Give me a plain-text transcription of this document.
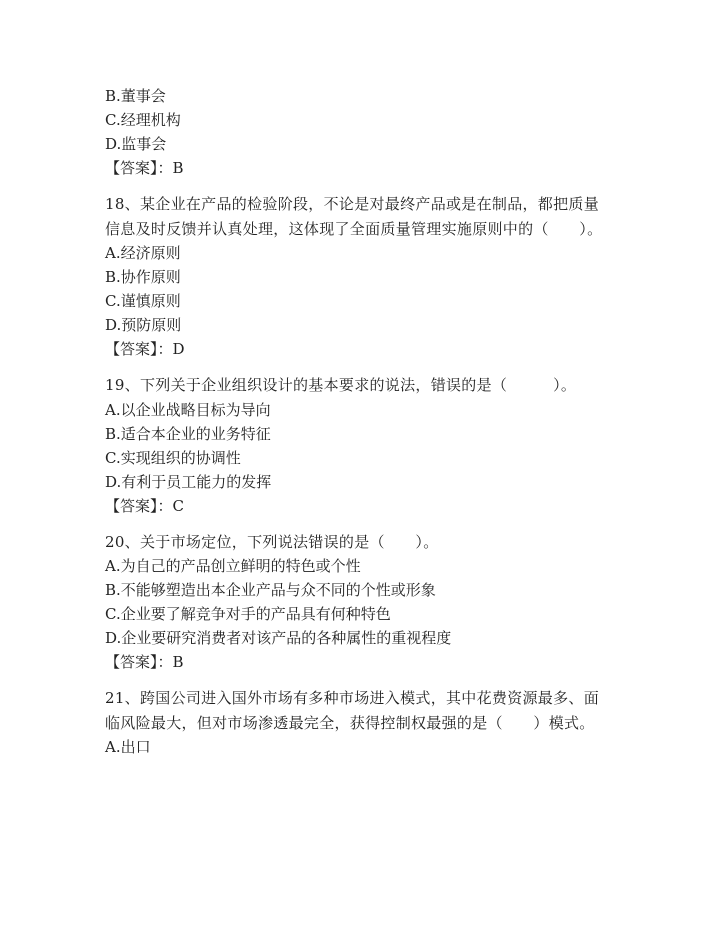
B.董事会
C.经理机构
D.监事会
【答案】：B
18、某企业在产品的检验阶段，不论是对最终产品或是在制品，都把质量信息及时反馈并认真处理，这体现了全面质量管理实施原则中的（　　）。
A.经济原则
B.协作原则
C.谨慎原则
D.预防原则
【答案】：D
19、下列关于企业组织设计的基本要求的说法，错误的是（　　　）。
A.以企业战略目标为导向
B.适合本企业的业务特征
C.实现组织的协调性
D.有利于员工能力的发挥
【答案】：C
20、关于市场定位，下列说法错误的是（　　）。
A.为自己的产品创立鲜明的特色或个性
B.不能够塑造出本企业产品与众不同的个性或形象
C.企业要了解竞争对手的产品具有何种特色
D.企业要研究消费者对该产品的各种属性的重视程度
【答案】：B
21、跨国公司进入国外市场有多种市场进入模式，其中花费资源最多、面临风险最大，但对市场渗透最完全，获得控制权最强的是（　　）模式。
A.出口
